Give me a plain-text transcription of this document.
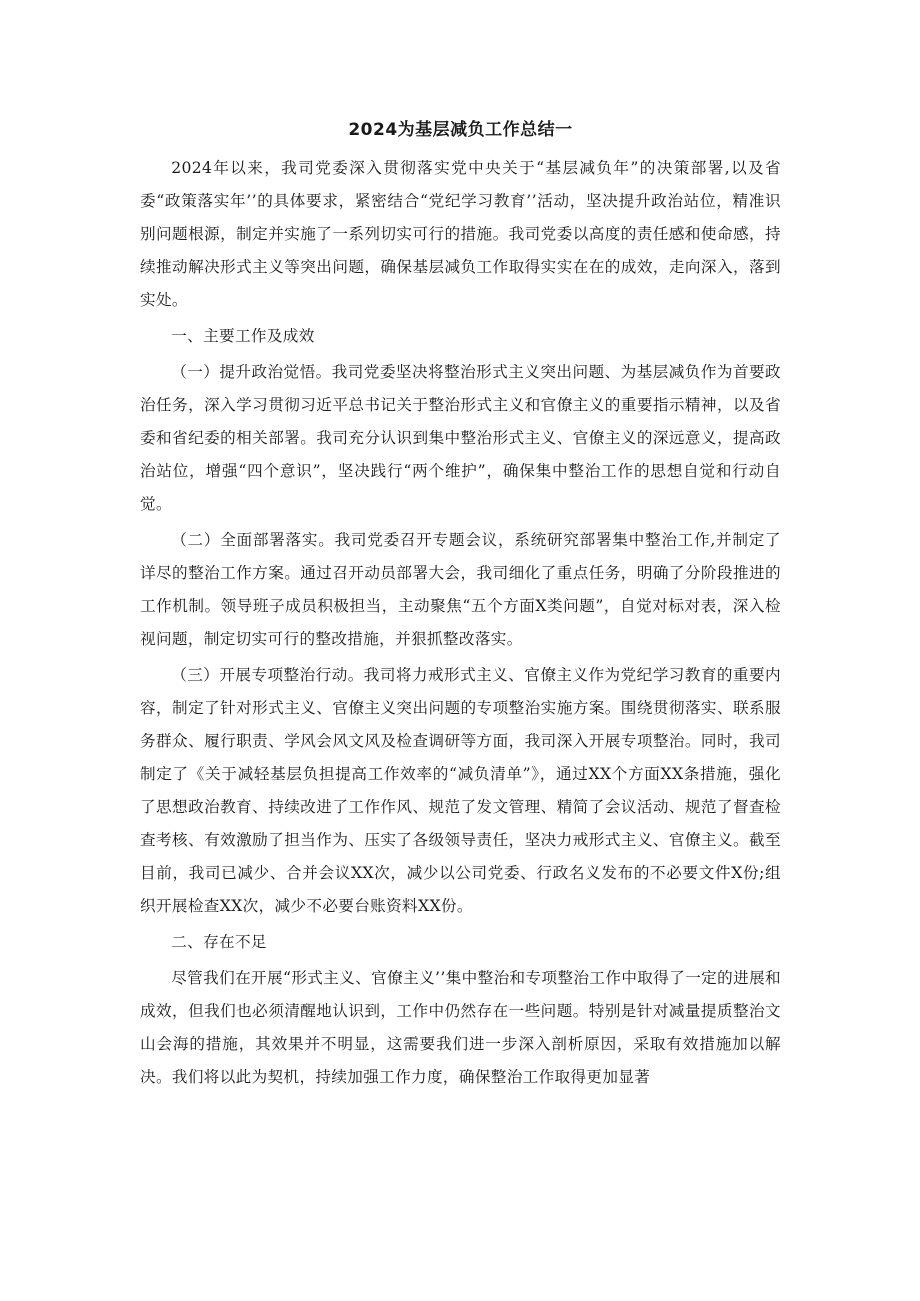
2024为基层减负工作总结一

2024年以来，我司党委深入贯彻落实党中央关于“基层减负年”的决策部署,以及省委“政策落实年’’的具体要求，紧密结合“党纪学习教育’’活动，坚决提升政治站位，精准识别问题根源，制定并实施了一系列切实可行的措施。我司党委以高度的责任感和使命感，持续推动解决形式主义等突出问题，确保基层减负工作取得实实在在的成效，走向深入，落到实处。

一、主要工作及成效

（一）提升政治觉悟。我司党委坚决将整治形式主义突出问题、为基层减负作为首要政治任务，深入学习贯彻习近平总书记关于整治形式主义和官僚主义的重要指示精神，以及省委和省纪委的相关部署。我司充分认识到集中整治形式主义、官僚主义的深远意义，提高政治站位，增强“四个意识”，坚决践行“两个维护”，确保集中整治工作的思想自觉和行动自觉。

（二）全面部署落实。我司党委召开专题会议，系统研究部署集中整治工作,并制定了详尽的整治工作方案。通过召开动员部署大会，我司细化了重点任务，明确了分阶段推进的工作机制。领导班子成员积极担当，主动聚焦“五个方面X类问题”，自觉对标对表，深入检视问题，制定切实可行的整改措施，并狠抓整改落实。

（三）开展专项整治行动。我司将力戒形式主义、官僚主义作为党纪学习教育的重要内容，制定了针对形式主义、官僚主义突出问题的专项整治实施方案。围绕贯彻落实、联系服务群众、履行职责、学风会风文风及检查调研等方面，我司深入开展专项整治。同时，我司制定了《关于减轻基层负担提高工作效率的“减负清单”》，通过XX个方面XX条措施，强化了思想政治教育、持续改进了工作作风、规范了发文管理、精简了会议活动、规范了督查检查考核、有效激励了担当作为、压实了各级领导责任，坚决力戒形式主义、官僚主义。截至目前，我司已减少、合并会议XX次，减少以公司党委、行政名义发布的不必要文件X份;组织开展检查XX次，减少不必要台账资料XX份。

二、存在不足

尽管我们在开展“形式主义、官僚主义’’集中整治和专项整治工作中取得了一定的进展和成效，但我们也必须清醒地认识到，工作中仍然存在一些问题。特别是针对减量提质整治文山会海的措施，其效果并不明显，这需要我们进一步深入剖析原因，采取有效措施加以解决。我们将以此为契机，持续加强工作力度，确保整治工作取得更加显著
